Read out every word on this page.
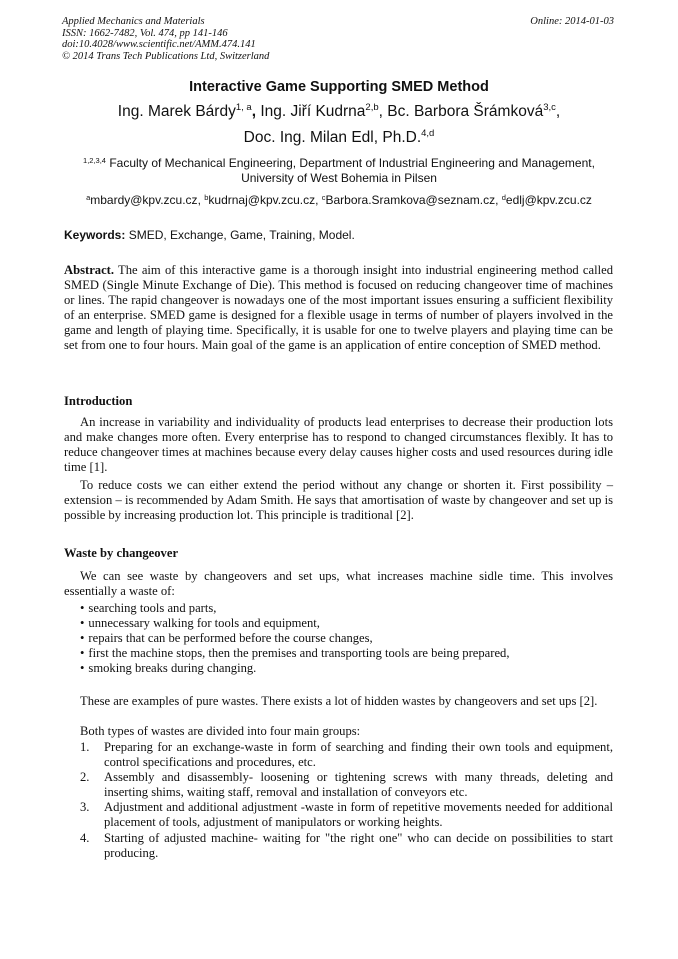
Applied Mechanics and Materials
ISSN: 1662-7482, Vol. 474, pp 141-146
doi:10.4028/www.scientific.net/AMM.474.141
© 2014 Trans Tech Publications Ltd, Switzerland
Online: 2014-01-03
Interactive Game Supporting SMED Method
Ing. Marek Bárdy$^{1, a}$, Ing. Jiří Kudrna$^{2,b}$, Bc. Barbora Šrámková$^{3,c}$,
Doc. Ing. Milan Edl, Ph.D.$^{4,d}$
$^{1,2,3,4}$ Faculty of Mechanical Engineering, Department of Industrial Engineering and Management,
University of West Bohemia in Pilsen
$^a$mbardy@kpv.zcu.cz, $^b$kudrnaj@kpv.zcu.cz, $^c$Barbora.Sramkova@seznam.cz, $^d$edlj@kpv.zcu.cz
Keywords: SMED, Exchange, Game, Training, Model.
Abstract. The aim of this interactive game is a thorough insight into industrial engineering method called SMED (Single Minute Exchange of Die). This method is focused on reducing changeover time of machines or lines. The rapid changeover is nowadays one of the most important issues ensuring a sufficient flexibility of an enterprise. SMED game is designed for a flexible usage in terms of number of players involved in the game and length of playing time. Specifically, it is usable for one to twelve players and playing time can be set from one to four hours. Main goal of the game is an application of entire conception of SMED method.
Introduction
An increase in variability and individuality of products lead enterprises to decrease their production lots and make changes more often. Every enterprise has to respond to changed circumstances flexibly. It has to reduce changeover times at machines because every delay causes higher costs and used resources during idle time [1].
To reduce costs we can either extend the period without any change or shorten it. First possibility – extension – is recommended by Adam Smith. He says that amortisation of waste by changeover and set up is possible by increasing production lot. This principle is traditional [2].
Waste by changeover
We can see waste by changeovers and set ups, what increases machine sidle time. This involves essentially a waste of:
• searching tools and parts,
• unnecessary walking for tools and equipment,
• repairs that can be performed before the course changes,
• first the machine stops, then the premises and transporting tools are being prepared,
• smoking breaks during changing.
These are examples of pure wastes. There exists a lot of hidden wastes by changeovers and set ups [2].
Both types of wastes are divided into four main groups:
1. Preparing for an exchange-waste in form of searching and finding their own tools and equipment, control specifications and procedures, etc.
2. Assembly and disassembly- loosening or tightening screws with many threads, deleting and inserting shims, waiting staff, removal and installation of conveyors etc.
3. Adjustment and additional adjustment -waste in form of repetitive movements needed for additional placement of tools, adjustment of manipulators or working heights.
4. Starting of adjusted machine- waiting for "the right one" who can decide on possibilities to start producing.
